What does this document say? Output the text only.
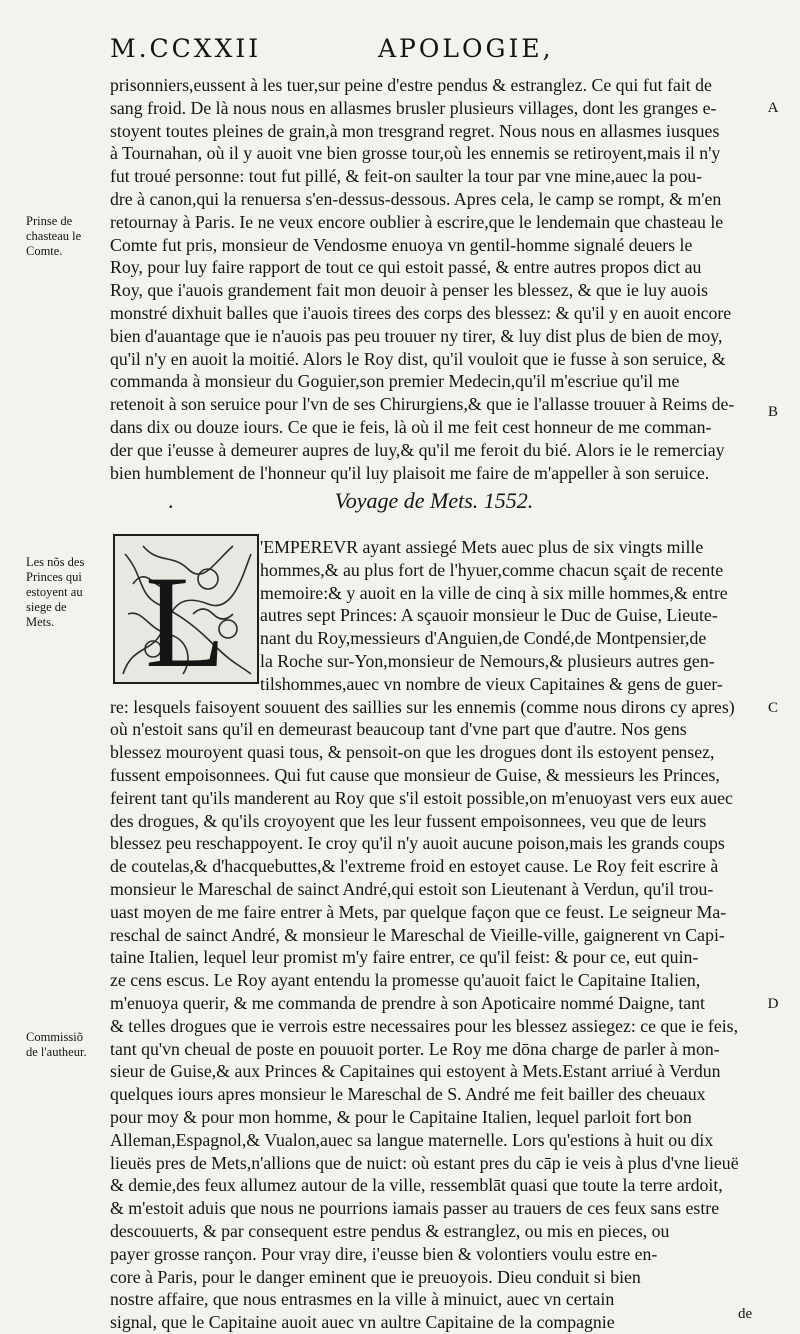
M.CCXXII	APOLOGIE,
prisonniers,eussent à les tuer,sur peine d'estre pendus & estranglez. Ce qui fut fait de
sang froid. De là nous nous en allasmes brusler plusieurs villages, dont les granges e-
stoyent toutes pleines de grain,à mon tresgrand regret. Nous nous en allasmes iusques
à Tournahan, où il y auoit vne bien grosse tour,où les ennemis se retiroyent,mais il n'y
fut troué personne: tout fut pillé, & feit-on saulter la tour par vne mine,auec la pou-
dre à canon,qui la renuersa s'en-dessus-dessous. Apres cela, le camp se rompt, & m'en
retournay à Paris. Ie ne veux encore oublier à escrire,que le lendemain que chasteau le
Comte fut pris, monsieur de Vendosme enuoya vn gentil-homme signalé deuers le
Roy, pour luy faire rapport de tout ce qui estoit passé, & entre autres propos dict au
Roy, que i'auois grandement fait mon deuoir à penser les blessez, & que ie luy auois
monstré dixhuit balles que i'auois tirees des corps des blessez: & qu'il y en auoit encore
bien d'auantage que ie n'auois pas peu trouuer ny tirer, & luy dist plus de bien de moy,
qu'il n'y en auoit la moitié. Alors le Roy dist, qu'il vouloit que ie fusse à son seruice, &
commanda à monsieur du Goguier,son premier Medecin,qu'il m'escriue qu'il me
retenoit à son seruice pour l'vn de ses Chirurgiens,& que ie l'allasse trouuer à Reims de-
dans dix ou douze iours. Ce que ie feis, là où il me feit cest honneur de me comman-
der que i'eusse à demeurer aupres de luy,& qu'il me feroit du bié. Alors ie le remerciay
bien humblement de l'honneur qu'il luy plaisoit me faire de m'appeller à son seruice.
.	Voyage de Mets. 1552.
L
'EMPEREVR ayant assiegé Mets auec plus de six vingts mille
hommes,& au plus fort de l'hyuer,comme chacun sçait de recente
memoire:& y auoit en la ville de cinq à six mille hommes,& entre
autres sept Princes: A sçauoir monsieur le Duc de Guise, Lieute-
nant du Roy,messieurs d'Anguien,de Condé,de Montpensier,de
la Roche sur-Yon,monsieur de Nemours,& plusieurs autres gen-
tilshommes,auec vn nombre de vieux Capitaines & gens de guer-
re: lesquels faisoyent souuent des saillies sur les ennemis (comme nous dirons cy apres)
où n'estoit sans qu'il en demeurast beaucoup tant d'vne part que d'autre. Nos gens
blessez mouroyent quasi tous, & pensoit-on que les drogues dont ils estoyent pensez,
fussent empoisonnees. Qui fut cause que monsieur de Guise, & messieurs les Princes,
feirent tant qu'ils manderent au Roy que s'il estoit possible,on m'enuoyast vers eux auec
des drogues, & qu'ils croyoyent que les leur fussent empoisonnees, veu que de leurs
blessez peu reschappoyent. Ie croy qu'il n'y auoit aucune poison,mais les grands coups
de coutelas,& d'hacquebuttes,& l'extreme froid en estoyet cause. Le Roy feit escrire à
monsieur le Mareschal de sainct André,qui estoit son Lieutenant à Verdun, qu'il trou-
uast moyen de me faire entrer à Mets, par quelque façon que ce feust. Le seigneur Ma-
reschal de sainct André, & monsieur le Mareschal de Vieille-ville, gaignerent vn Capi-
taine Italien, lequel leur promist m'y faire entrer, ce qu'il feist: & pour ce, eut quin-
ze cens escus. Le Roy ayant entendu la promesse qu'auoit faict le Capitaine Italien,
m'enuoya querir, & me commanda de prendre à son Apoticaire nommé Daigne, tant
& telles drogues que ie verrois estre necessaires pour les blessez assiegez: ce que ie feis,
tant qu'vn cheual de poste en pouuoit porter. Le Roy me dōna charge de parler à mon-
sieur de Guise,& aux Princes & Capitaines qui estoyent à Mets.Estant arriué à Verdun
quelques iours apres monsieur le Mareschal de S. André me feit bailler des cheuaux
pour moy & pour mon homme, & pour le Capitaine Italien, lequel parloit fort bon
Alleman,Espagnol,& Vualon,auec sa langue maternelle. Lors qu'estions à huit ou dix
lieuës pres de Mets,n'allions que de nuict: où estant pres du cāp ie veis à plus d'vne lieuë
& demie,des feux allumez autour de la ville, ressemblāt quasi que toute la terre ardoit,
& m'estoit aduis que nous ne pourrions iamais passer au trauers de ces feux sans estre
descouuerts, & par consequent estre pendus & estranglez, ou mis en pieces, ou
payer grosse rançon. Pour vray dire, i'eusse bien & volontiers voulu estre en-
core à Paris, pour le danger eminent que ie preuoyois. Dieu conduit si bien
nostre affaire, que nous entrasmes en la ville à minuict, auec vn certain
signal, que le Capitaine auoit auec vn aultre Capitaine de la compagnie
Prinse de
chasteau le
Comte.

Les nõs des
Princes qui
estoyent au
siege de
Mets.
Commissiõ
de l'autheur.
A
B
C
D
de
